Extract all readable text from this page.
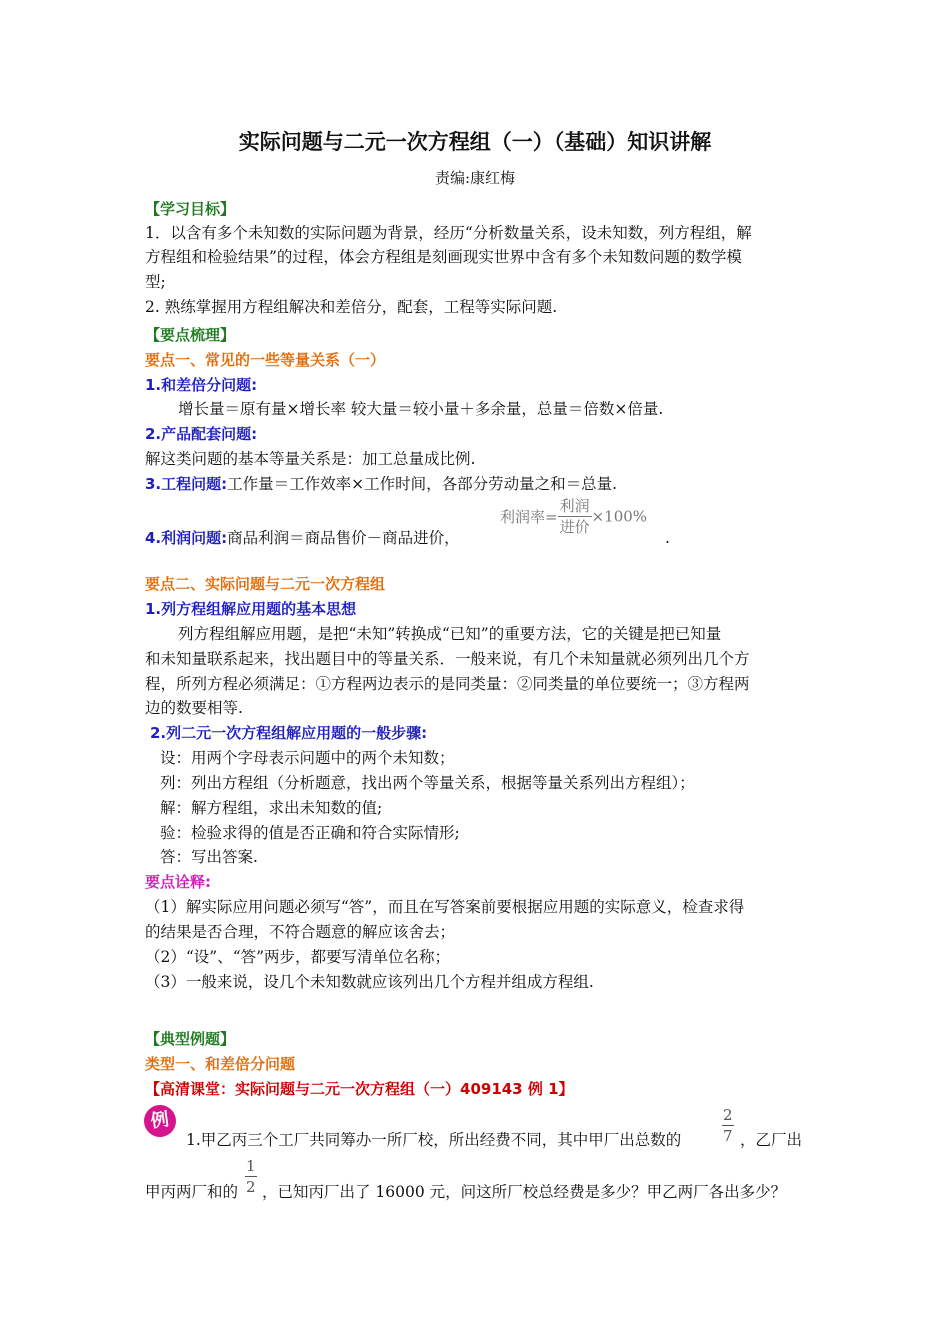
实际问题与二元一次方程组（一）（基础）知识讲解
责编:康红梅
【学习目标】
1．以含有多个未知数的实际问题为背景，经历“分析数量关系，设未知数，列方程组，解
方程组和检验结果”的过程，体会方程组是刻画现实世界中含有多个未知数问题的数学模
型;
2. 熟练掌握用方程组解决和差倍分，配套，工程等实际问题.
【要点梳理】
要点一、常见的一些等量关系（一）
1.和差倍分问题:
增长量＝原有量×增长率 较大量＝较小量＋多余量，总量＝倍数×倍量.
2.产品配套问题:
解这类问题的基本等量关系是：加工总量成比例.
3.工程问题:工作量＝工作效率×工作时间，各部分劳动量之和＝总量.
4.利润问题:商品利润＝商品售价－商品进价，
利润率= $\frac{\text{利润}}{\text{进价}} \times 100\%$
.
要点二、实际问题与二元一次方程组
1.列方程组解应用题的基本思想
列方程组解应用题，是把“未知”转换成“已知”的重要方法，它的关键是把已知量
和未知量联系起来，找出题目中的等量关系．一般来说，有几个未知量就必须列出几个方
程，所列方程必须满足：①方程两边表示的是同类量：②同类量的单位要统一；③方程两
边的数要相等.
2.列二元一次方程组解应用题的一般步骤:
设：用两个字母表示问题中的两个未知数；
列：列出方程组（分析题意，找出两个等量关系，根据等量关系列出方程组）；
解：解方程组，求出未知数的值;
验：检验求得的值是否正确和符合实际情形;
答：写出答案.
要点诠释:
（1）解实际应用问题必须写“答”，而且在写答案前要根据应用题的实际意义，检查求得
的结果是否合理，不符合题意的解应该舍去；
（2）“设”、“答”两步，都要写清单位名称；
（3）一般来说，设几个未知数就应该列出几个方程并组成方程组.
【典型例题】
类型一、和差倍分问题
【高清课堂：实际问题与二元一次方程组（一）409143 例 1】
例
1.甲乙丙三个工厂共同筹办一所厂校，所出经费不同，其中甲厂出总数的	$\frac{2}{7}$ ，乙厂出
甲丙两厂和的 $\frac{1}{2}$ ，已知丙厂出了 16000 元，问这所厂校总经费是多少？甲乙两厂各出多少？
